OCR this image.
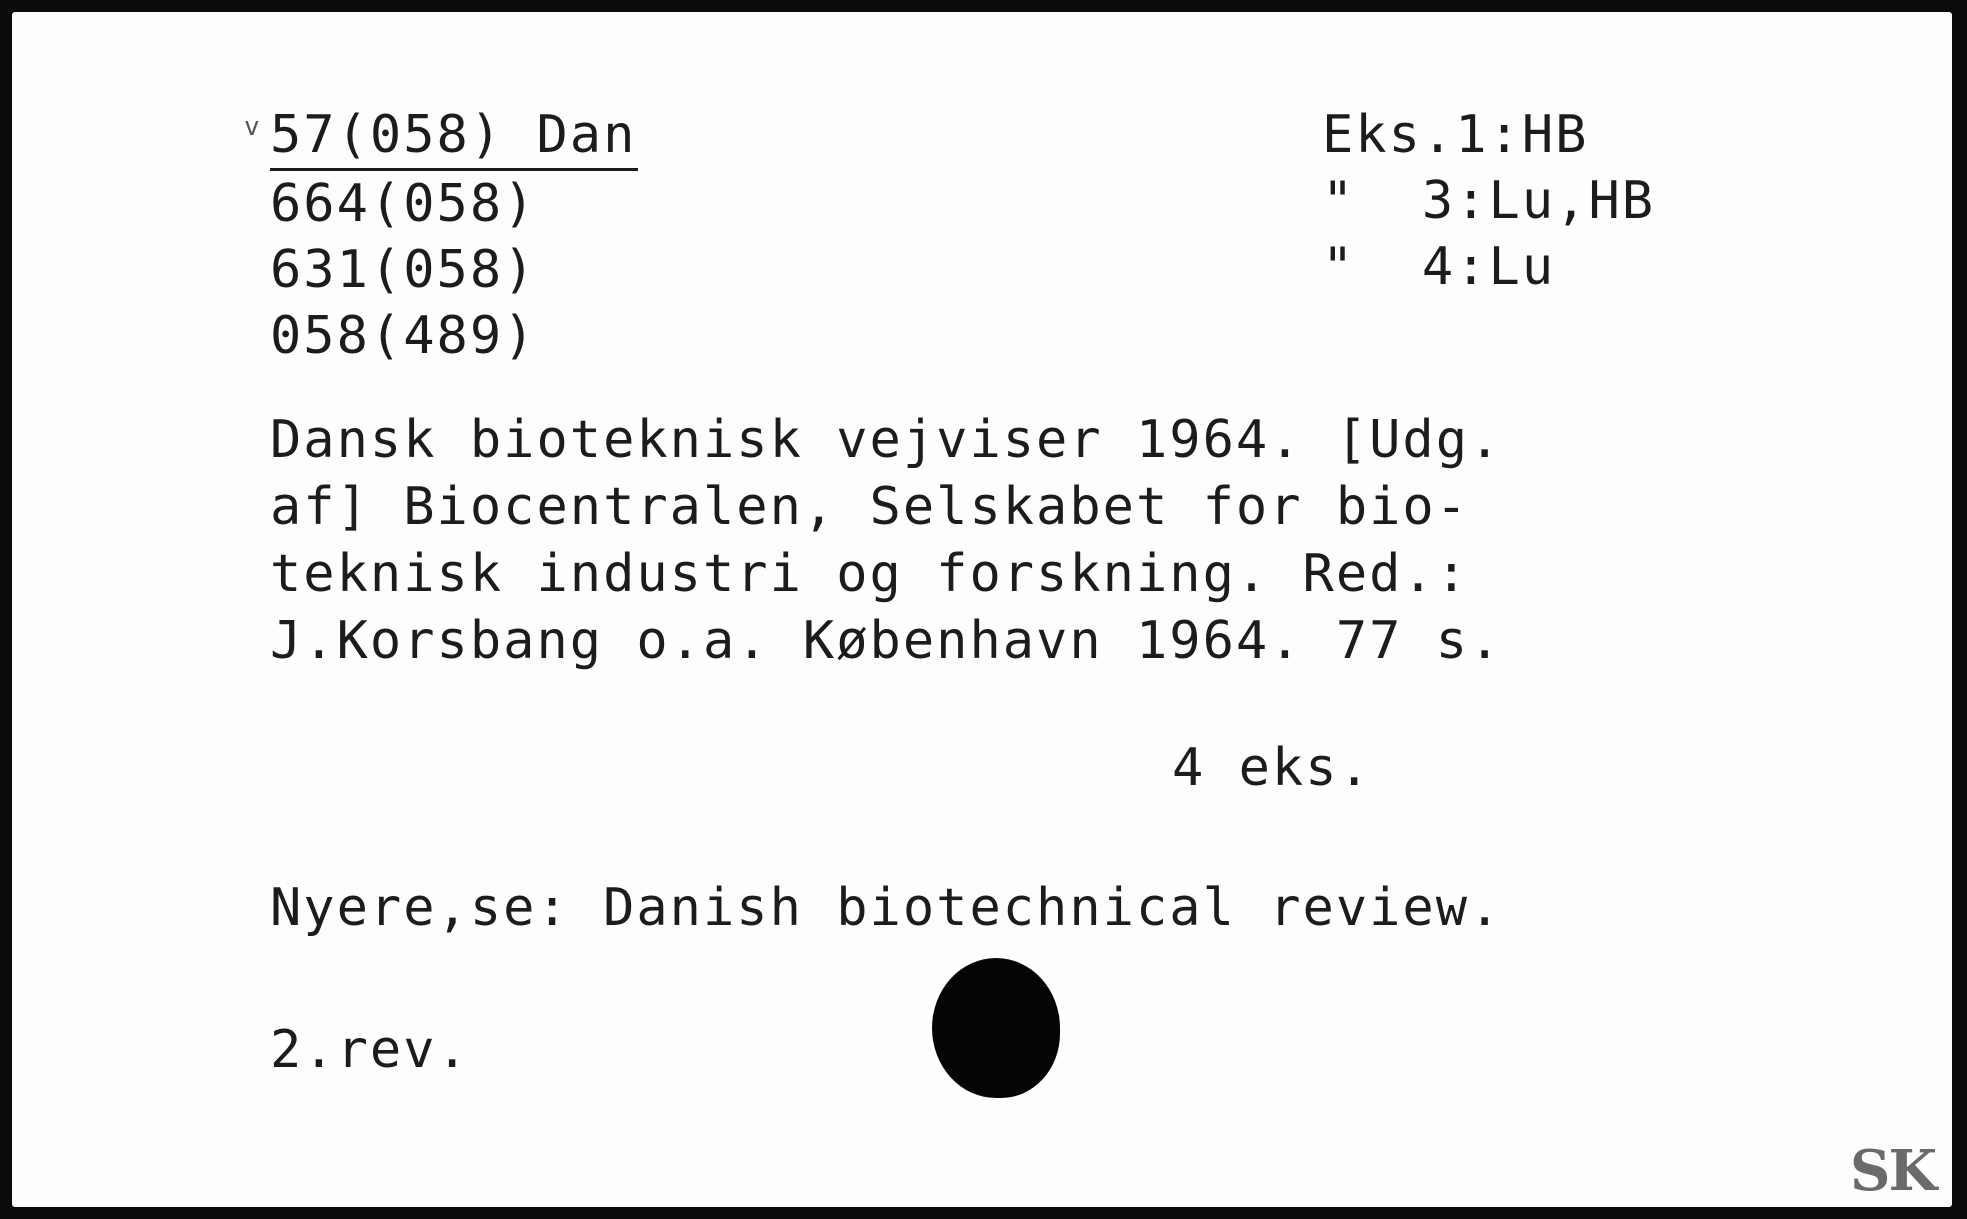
v 57(058) Dan
664(058)
631(058)
058(489)
Eks.1:HB
"  3:Lu,HB
"  4:Lu
Dansk bioteknisk vejviser 1964. [Udg.
af] Biocentralen, Selskabet for bio-
teknisk industri og forskning. Red.:
J.Korsbang o.a. København 1964. 77 s.
4 eks.
Nyere,se: Danish biotechnical review.
2.rev.
SK
